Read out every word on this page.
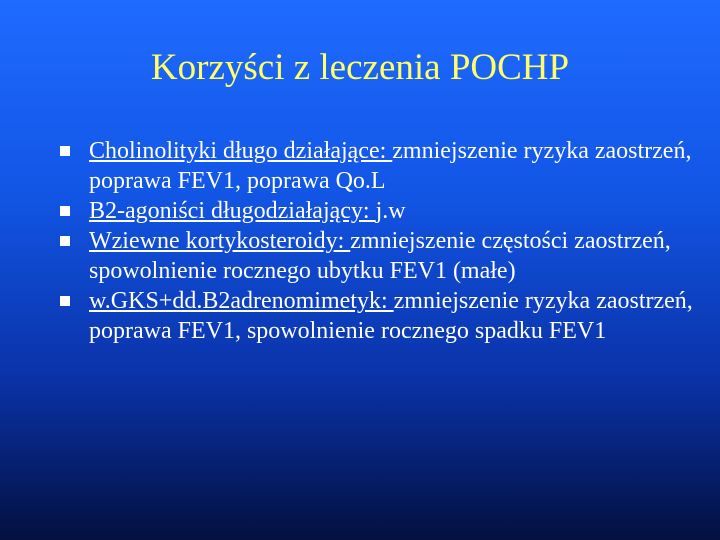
Korzyści z leczenia POCHP
Cholinolityki długo działające: zmniejszenie ryzyka zaostrzeń, poprawa FEV1, poprawa Qo.L
B2-agoniści długodziałający: j.w
Wziewne kortykosteroidy: zmniejszenie częstości zaostrzeń, spowolnienie rocznego ubytku FEV1 (małe)
w.GKS+dd.B2adrenomimetyk: zmniejszenie ryzyka zaostrzeń, poprawa FEV1, spowolnienie rocznego spadku FEV1
